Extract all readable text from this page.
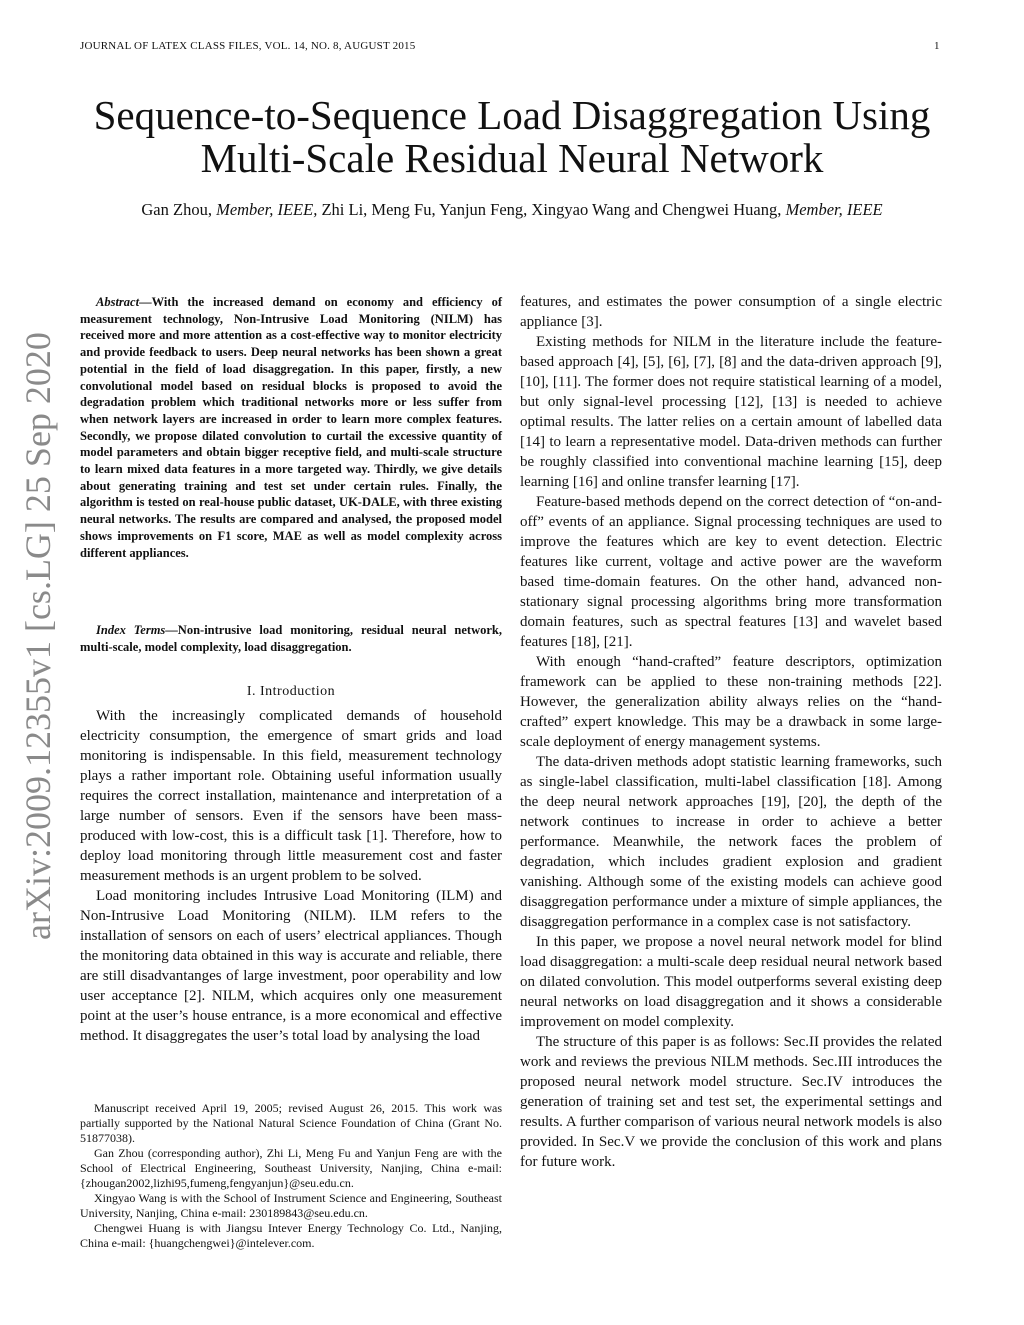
JOURNAL OF LATEX CLASS FILES, VOL. 14, NO. 8, AUGUST 2015	1
Sequence-to-Sequence Load Disaggregation Using
Multi-Scale Residual Neural Network
Gan Zhou, Member, IEEE, Zhi Li, Meng Fu, Yanjun Feng, Xingyao Wang and Chengwei Huang, Member, IEEE
arXiv:2009.12355v1 [cs.LG] 25 Sep 2020

Abstract—With the increased demand on economy and efficiency of measurement technology, Non-Intrusive Load Monitoring (NILM) has received more and more attention as a cost-effective way to monitor electricity and provide feedback to users. Deep neural networks has been shown a great potential in the field of load disaggregation. In this paper, firstly, a new convolutional model based on residual blocks is proposed to avoid the degradation problem which traditional networks more or less suffer from when network layers are increased in order to learn more complex features. Secondly, we propose dilated convolution to curtail the excessive quantity of model parameters and obtain bigger receptive field, and multi-scale structure to learn mixed data features in a more targeted way. Thirdly, we give details about generating training and test set under certain rules. Finally, the algorithm is tested on real-house public dataset, UK-DALE, with three existing neural networks. The results are compared and analysed, the proposed model shows improvements on F1 score, MAE as well as model complexity across different appliances.

Index Terms—Non-intrusive load monitoring, residual neural network, multi-scale, model complexity, load disaggregation.

I. Introduction

With the increasingly complicated demands of household electricity consumption, the emergence of smart grids and load monitoring is indispensable. In this field, measurement technology plays a rather important role. Obtaining useful information usually requires the correct installation, maintenance and interpretation of a large number of sensors. Even if the sensors have been mass-produced with low-cost, this is a difficult task [1]. Therefore, how to deploy load monitoring through little measurement cost and faster measurement methods is an urgent problem to be solved.

Load monitoring includes Intrusive Load Monitoring (ILM) and Non-Intrusive Load Monitoring (NILM). ILM refers to the installation of sensors on each of users’ electrical appliances. Though the monitoring data obtained in this way is accurate and reliable, there are still disadvantanges of large investment, poor operability and low user acceptance [2]. NILM, which acquires only one measurement point at the user’s house entrance, is a more economical and effective method. It disaggregates the user’s total load by analysing the load

Manuscript received April 19, 2005; revised August 26, 2015. This work was partially supported by the National Natural Science Foundation of China (Grant No. 51877038).

Gan Zhou (corresponding author), Zhi Li, Meng Fu and Yanjun Feng are with the School of Electrical Engineering, Southeast University, Nanjing, China e-mail: {zhougan2002,lizhi95,fumeng,fengyanjun}@seu.edu.cn.

Xingyao Wang is with the School of Instrument Science and Engineering, Southeast University, Nanjing, China e-mail: 230189843@seu.edu.cn.

Chengwei Huang is with Jiangsu Intever Energy Technology Co. Ltd., Nanjing, China e-mail: {huangchengwei}@intelever.com.

features, and estimates the power consumption of a single electric appliance [3].

Existing methods for NILM in the literature include the feature-based approach [4], [5], [6], [7], [8] and the data-driven approach [9], [10], [11]. The former does not require statistical learning of a model, but only signal-level processing [12], [13] is needed to achieve optimal results. The latter relies on a certain amount of labelled data [14] to learn a representative model. Data-driven methods can further be roughly classified into conventional machine learning [15], deep learning [16] and online transfer learning [17].

Feature-based methods depend on the correct detection of “on-and-off” events of an appliance. Signal processing techniques are used to improve the features which are key to event detection. Electric features like current, voltage and active power are the waveform based time-domain features. On the other hand, advanced non-stationary signal processing algorithms bring more transformation domain features, such as spectral features [13] and wavelet based features [18], [21].

With enough “hand-crafted” feature descriptors, optimization framework can be applied to these non-training methods [22]. However, the generalization ability always relies on the “hand-crafted” expert knowledge. This may be a drawback in some large-scale deployment of energy management systems.

The data-driven methods adopt statistic learning frameworks, such as single-label classification, multi-label classification [18]. Among the deep neural network approaches [19], [20], the depth of the network continues to increase in order to achieve a better performance. Meanwhile, the network faces the problem of degradation, which includes gradient explosion and gradient vanishing. Although some of the existing models can achieve good disaggregation performance under a mixture of simple appliances, the disaggregation performance in a complex case is not satisfactory.

In this paper, we propose a novel neural network model for blind load disaggregation: a multi-scale deep residual neural network based on dilated convolution. This model outperforms several existing deep neural networks on load disaggregation and it shows a considerable improvement on model complexity.

The structure of this paper is as follows: Sec.II provides the related work and reviews the previous NILM methods. Sec.III introduces the proposed neural network model structure. Sec.IV introduces the generation of training set and test set, the experimental settings and results. A further comparison of various neural network models is also provided. In Sec.V we provide the conclusion of this work and plans for future work.
